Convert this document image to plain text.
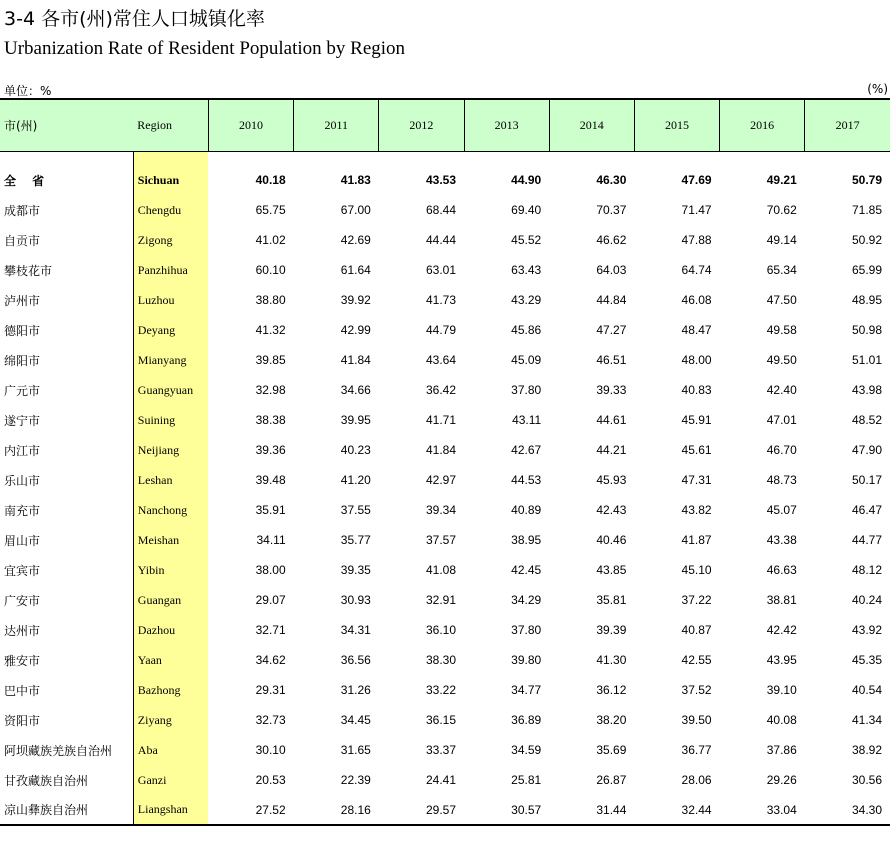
3-4 各市(州)常住人口城镇化率
Urbanization Rate of Resident Population by Region
单位：%	(%)
市(州)	Region	2010	2011	2012	2013	2014	2015	2016	2017

全 省	Sichuan	40.18	41.83	43.53	44.90	46.30	47.69	49.21	50.79
成都市	Chengdu	65.75	67.00	68.44	69.40	70.37	71.47	70.62	71.85
自贡市	Zigong	41.02	42.69	44.44	45.52	46.62	47.88	49.14	50.92
攀枝花市	Panzhihua	60.10	61.64	63.01	63.43	64.03	64.74	65.34	65.99
泸州市	Luzhou	38.80	39.92	41.73	43.29	44.84	46.08	47.50	48.95
德阳市	Deyang	41.32	42.99	44.79	45.86	47.27	48.47	49.58	50.98
绵阳市	Mianyang	39.85	41.84	43.64	45.09	46.51	48.00	49.50	51.01
广元市	Guangyuan	32.98	34.66	36.42	37.80	39.33	40.83	42.40	43.98
遂宁市	Suining	38.38	39.95	41.71	43.11	44.61	45.91	47.01	48.52
内江市	Neijiang	39.36	40.23	41.84	42.67	44.21	45.61	46.70	47.90
乐山市	Leshan	39.48	41.20	42.97	44.53	45.93	47.31	48.73	50.17
南充市	Nanchong	35.91	37.55	39.34	40.89	42.43	43.82	45.07	46.47
眉山市	Meishan	34.11	35.77	37.57	38.95	40.46	41.87	43.38	44.77
宜宾市	Yibin	38.00	39.35	41.08	42.45	43.85	45.10	46.63	48.12
广安市	Guangan	29.07	30.93	32.91	34.29	35.81	37.22	38.81	40.24
达州市	Dazhou	32.71	34.31	36.10	37.80	39.39	40.87	42.42	43.92
雅安市	Yaan	34.62	36.56	38.30	39.80	41.30	42.55	43.95	45.35
巴中市	Bazhong	29.31	31.26	33.22	34.77	36.12	37.52	39.10	40.54
资阳市	Ziyang	32.73	34.45	36.15	36.89	38.20	39.50	40.08	41.34
阿坝藏族羌族自治州	Aba	30.10	31.65	33.37	34.59	35.69	36.77	37.86	38.92
甘孜藏族自治州	Ganzi	20.53	22.39	24.41	25.81	26.87	28.06	29.26	30.56
凉山彝族自治州	Liangshan	27.52	28.16	29.57	30.57	31.44	32.44	33.04	34.30
